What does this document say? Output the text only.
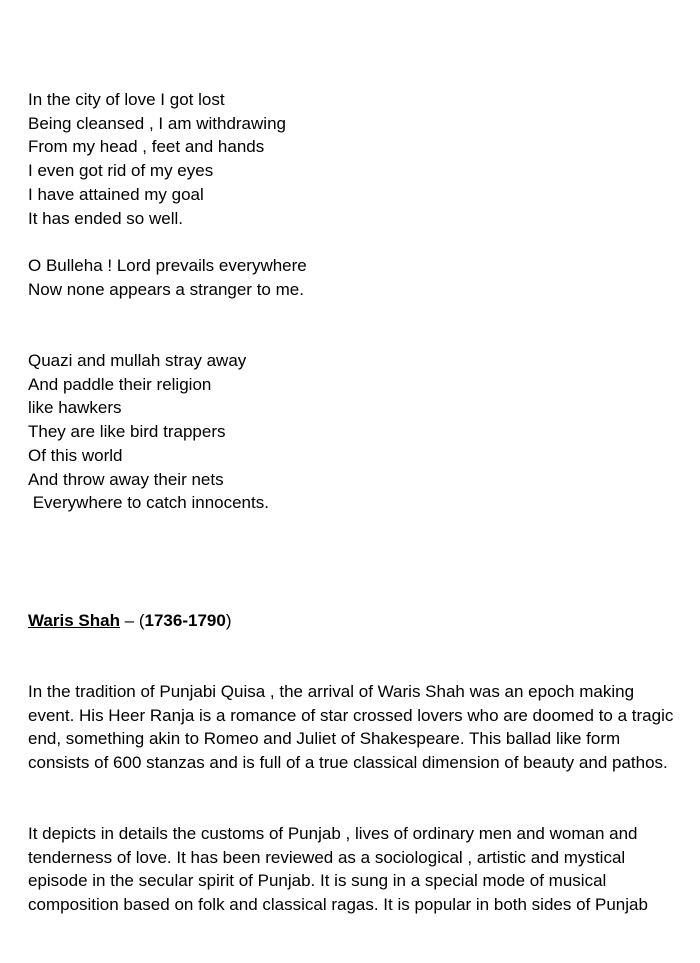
In the city of love I got lost
Being cleansed , I am withdrawing
From my head , feet and hands
I even got rid of my eyes
I have attained my goal
It has ended so well.
O Bulleha ! Lord prevails everywhere
Now none appears a stranger to me.
Quazi and mullah stray away
And paddle their religion
like hawkers
They are like bird trappers
Of this world
And throw away their nets
Everywhere to catch innocents.
Waris Shah – (1736-1790)

In the tradition of Punjabi Quisa , the arrival of Waris Shah was an epoch making event. His Heer Ranja is a romance of star crossed lovers who are doomed to a tragic end, something akin to Romeo and Juliet of Shakespeare. This ballad like form consists of 600 stanzas and is full of a true classical dimension of beauty and pathos.

It depicts in details the customs of Punjab , lives of ordinary men and woman and tenderness of love. It has been reviewed as a sociological , artistic and mystical episode in the secular spirit of Punjab. It is sung in a special mode of musical composition based on folk and classical ragas. It is popular in both sides of Punjab
